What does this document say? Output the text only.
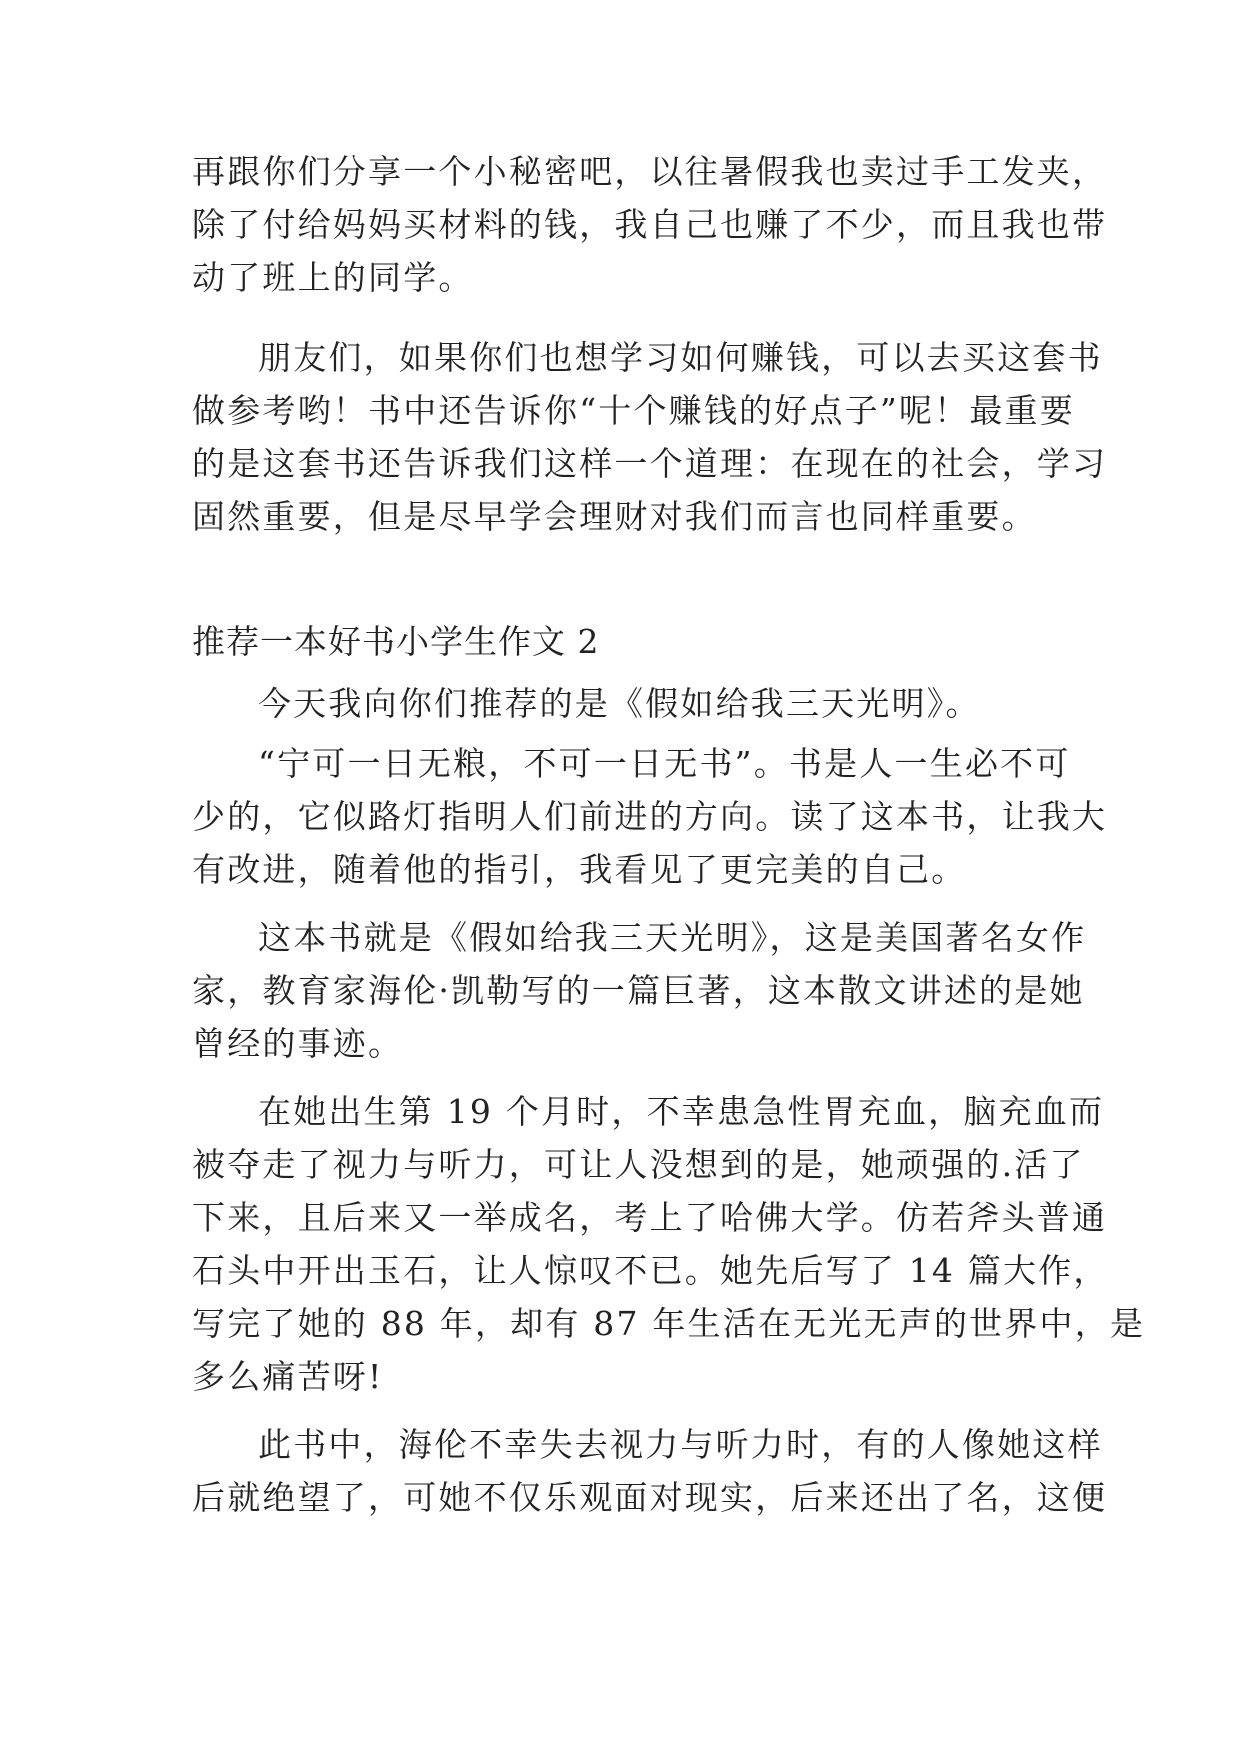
再跟你们分享一个小秘密吧，以往暑假我也卖过手工发夹，
除了付给妈妈买材料的钱，我自己也赚了不少，而且我也带
动了班上的同学。
朋友们，如果你们也想学习如何赚钱，可以去买这套书
做参考哟！书中还告诉你“十个赚钱的好点子”呢！最重要
的是这套书还告诉我们这样一个道理：在现在的社会，学习
固然重要，但是尽早学会理财对我们而言也同样重要。
推荐一本好书小学生作文 2
今天我向你们推荐的是《假如给我三天光明》。
“宁可一日无粮，不可一日无书”。书是人一生必不可
少的，它似路灯指明人们前进的方向。读了这本书，让我大
有改进，随着他的指引，我看见了更完美的自己。
这本书就是《假如给我三天光明》，这是美国著名女作
家，教育家海伦·凯勒写的一篇巨著，这本散文讲述的是她
曾经的事迹。
在她出生第 19 个月时，不幸患急性胃充血，脑充血而
被夺走了视力与听力，可让人没想到的是，她顽强的.活了
下来，且后来又一举成名，考上了哈佛大学。仿若斧头普通
石头中开出玉石，让人惊叹不已。她先后写了 14 篇大作，
写完了她的 88 年，却有 87 年生活在无光无声的世界中，是
多么痛苦呀!
此书中，海伦不幸失去视力与听力时，有的人像她这样
后就绝望了，可她不仅乐观面对现实，后来还出了名，这便
